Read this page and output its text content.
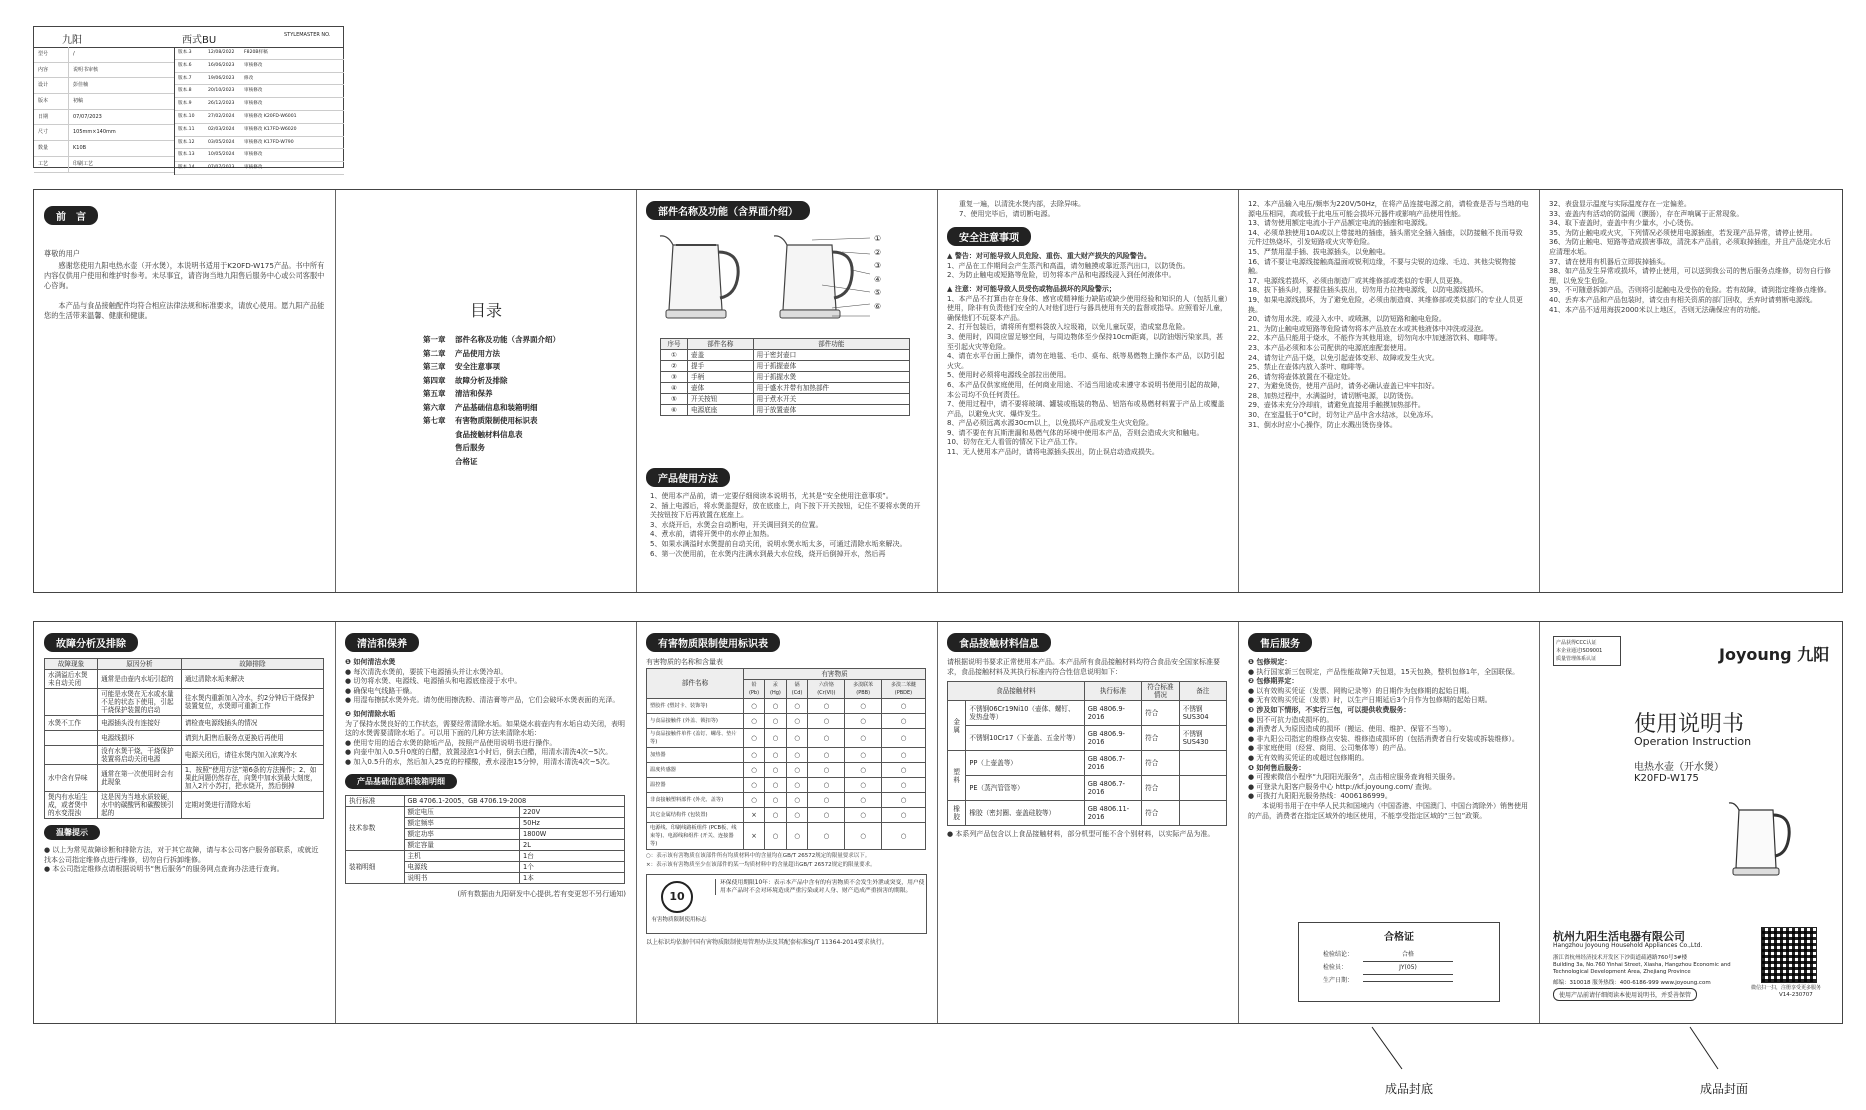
九阳	西式BU	STYLEMASTER NO.
型号	/
内容	说明书审核
设计	彭佳楠
版本	初稿
日期	07/07/2023
尺寸	105mm×140mm
数量	K10B
工艺	印刷工艺
版本.3	12/08/2022	F820B样稿
版本.6	16/06/2023	审核修改
版本.7	19/06/2023	修改
版本.8	20/10/2023	审核修改
版本.9	26/12/2023	审核修改
版本.10	27/02/2024	审核修改 K20FD-W6001
版本.11	02/03/2024	审核修改 K17FD-W6020
版本.12	03/05/2024	审核修改 K17FD-W790
版本.13	10/05/2024	审核修改
版本.14	07/07/2023	审核修改
前　言

尊敬的用户

感谢您使用九阳电热水壶（开水煲），本说明书适用于K20FD-W175产品。书中所有内容仅供用户使用和维护时参考。未尽事宜，请咨询当地九阳售后服务中心或公司客服中心咨询。

本产品与食品接触配件均符合相应法律法规和标准要求，请放心使用。愿九阳产品能您的生活带来温馨、健康和健康。	目录
第一章 部件名称及功能（含界面介绍）
第二章 产品使用方法
第三章 安全注意事项
第四章 故障分析及排除
第五章 清洁和保养
第六章 产品基础信息和装箱明细
第七章 有害物质限制使用标识表
食品接触材料信息表
售后服务
合格证
部件名称及功能（含界面介绍）
①
②
③
④
⑤
⑥
序号	部件名称	部件功能
①	壶盖	用于密封壶口
②	提手	用于抓握壶体
③	手柄	用于抓握水煲
④	壶体	用于盛水并带有加热部件
⑤	开关按钮	用于煮水开关
⑥	电源底座	用于放置壶体
产品使用方法

1、使用本产品前，请一定要仔细阅读本说明书，尤其是“安全使用注意事项”。

2、插上电源后，将水煲盖提好，放在底座上，向下按下开关按钮，记住不要将水煲的开关按钮按下后再放置在底座上。

3、水烧开后，水煲会自动断电，开关调回到关的位置。

4、煮水前，请将开煲中的水停止加热。

5、如果水满溢时水煲提前自动关闭，说明水煲水垢太多，可通过清除水垢来解决。

6、第一次使用前，在水煲内注满水到最大水位线，烧开后倒掉开水，然后再

重复一遍，以清洗水煲内部，去除异味。

7、使用完毕后，请切断电源。

安全注意事项

▲ 警告：对可能导致人员危险、重伤、重大财产损失的风险警告。

1、产品在工作期间会产生蒸汽和高温，请勿触摸或靠近蒸汽出口，以防烫伤。

2、为防止触电或短路等危险，切勿将本产品和电源线浸入到任何液体中。

▲ 注意：对可能导致人员受伤或物品损坏的风险警示；

1、本产品不打算由存在身体、感官或精神能力缺陷或缺少使用经验和知识的人（包括儿童）使用，除非有负责他们安全的人对他们进行与器具使用有关的监督或指导。应照看好儿童，确保他们不玩耍本产品。

2、打开包装后，请将所有塑料袋放入垃圾箱，以免儿童玩耍，造成窒息危险。

3、使用时，四周应留足够空间，与周边物体至少保持10cm距离，以防油烟污染家具，甚至引起火灾等危险。

4、请在水平台面上操作，请勿在地毯、毛巾、桌布、纸等易燃物上操作本产品，以防引起火灾。

5、使用时必须将电源线全部拉出使用。

6、本产品仅供家庭使用，任何商业用途、不适当用途或未遵守本说明书使用引起的故障，本公司均不负任何责任。

7、使用过程中，请不要将玻璃、罐装或瓶装的物品、铝箔布或易燃材料置于产品上或覆盖产品，以避免火灾、爆炸发生。

8、产品必须远离水源30cm以上，以免损坏产品或发生火灾危险。

9、请不要在有瓦斯泄漏和易燃气体的环境中使用本产品，否则会造成火灾和触电。

10、切勿在无人看管的情况下让产品工作。

11、无人使用本产品时，请将电源插头拔出，防止误启动造成损失。

12、本产品输入电压/频率为220V/50Hz，在将产品连接电源之前，请检查是否与当地的电源电压相同，高或低于此电压可能会损坏元器件或影响产品使用性能。

13、请勿使用额定电流小于产品额定电流的插座和电源线。

14、必须单独使用10A或以上带接地的插座，插头需完全插入插座，以防接触不良而导致元件过热烧坏，引发短路或火灾等危险。

15、严禁用湿手插、拔电源插头，以免触电。

16、请不要让电源线接触高温面或锐利边缘，不要与尖锐的边缘、毛边、其他尖锐物接触。

17、电源线若损坏，必须由制造厂或其维修部或类似的专职人员更换。

18、拔下插头时，要握住插头拔出，切勿用力拉拽电源线，以防电源线损坏。

19、如果电源线损坏，为了避免危险，必须由制造商、其维修部或类似部门的专业人员更换。

20、请勿用水洗、或浸入水中、或喷淋，以防短路和触电危险。

21、为防止触电或短路等危险请勿将本产品放在水或其他液体中冲洗或浸泡。

22、本产品只能用于烧水，不能作为其他用途，切勿向水中加速溶饮料、咖啡等。

23、本产品必须和本公司配供的电源底座配套使用。

24、请勿让产品干烧，以免引起壶体变形、故障或发生火灾。

25、禁止在壶体内放入茶叶、咖啡等。

26、请勿将壶体放置在不稳定处。

27、为避免烫伤，使用产品时，请务必确认壶盖已牢牢扣好。

28、加热过程中，水满溢时，请切断电源，以防烫伤。

29、壶体未充分冷却前，请避免直接用手触摸加热部件。

30、在室温低于0°C时，切勿让产品中含水结冰，以免冻坏。

31、倒水时应小心操作，防止水溅出烫伤身体。

32、表盘显示温度与实际温度存在一定偏差。

33、壶盖内有活动的防溢阀（膜肠），存在声响属于正常现象。

34、取下壶盖时，壶盖中有少量水，小心烫伤。

35、为防止触电或火灾，下列情况必须使用电源插座，若发现产品异常，请停止使用。

36、为防止触电、短路等造成损害事故，清洗本产品前，必须取掉插座，并且产品烧完水后应清理水垢。

37、请在使用有机器后立即拔掉插头。

38、如产品发生异常或损坏，请停止使用，可以送到我公司的售后服务点维修，切勿自行修理，以免发生危险。

39、不可随意拆卸产品，否则将引起触电及受伤的危险。若有故障，请到指定维修点维修。

40、丢弃本产品和产品包装时，请交由有相关资质的部门回收，丢弃时请剪断电源线。

41、本产品不适用海拔2000米以上地区，否则无法确保应有的功能。

故障分析及排除
故障现象	原因分析	故障排除
水满溢后水煲未自动关闭	通常是由壶内水垢引起的	通过清除水垢来解决
	可能是水煲在无水或水量不足的状态下使用，引起干烧保护装置的启动	往水煲内重新加入冷水，约2分钟后干烧保护装置复位，水煲即可重新工作
水煲不工作	电源插头没有连接好	请检查电源线插头的情况
	电源线损坏	请到九阳售后服务点更换后再使用
	没有水煲干烧，干烧保护装置将启动关闭电源	电源关闭后，请往水煲内加入凉爽冷水
水中含有异味	通常在第一次使用时会有此现象	1、按照“使用方法”第6条的方法操作；2、如果此问题仍然存在，向煲中加水到最大刻度，加入2片小苏打，把水烧开，然后倒掉
煲内有水垢生成，或者煲中的水变混浊	这是因为当地水质较硬，水中的碳酸钙和碳酸镁引起的	定期对煲进行清除水垢
温馨提示

● 以上为常见故障诊断和排除方法，对于其它故障，请与本公司客户服务部联系，或就近找本公司指定维修点进行维修，切勿自行拆卸维修。

● 本公司指定维修点请根据说明书“售后服务”的服务网点查询办法进行查询。

清洁和保养

❶ 如何清洁水煲

● 每次清洗水煲前，要拔下电源插头并让水煲冷却。

● 切勿将水煲、电源线、电源插头和电源底座浸于水中。

● 确保电气线路干燥。

● 用湿布擦拭水煲外壳。请勿使用擦洗粉、清洁膏等产品，它们会破坏水煲表面的光泽。

❷ 如何清除水垢

为了保持水煲良好的工作状态，需要经常清除水垢。如果烧水前壶内有水垢自动关闭，表明这的水煲需要清除水垢了。可以用下面的几种方法来清除水垢：

● 使用专用的适合水煲的除垢产品，按照产品使用说明书进行操作。

● 向壶中加入0.5升0度的白醋，放置浸泡1小时后，倒去白醋，用清水清洗4次~5次。

● 加入0.5升的水，然后加入25克的柠檬酸，煮水浸泡15分钟，用清水清洗4次~5次。

产品基础信息和装箱明细
执行标准	GB 4706.1-2005、GB 4706.19-2008	
技术参数	额定电压	220V
	额定频率	50Hz
	额定功率	1800W
	额定容量	2L
装箱明细	主机	1台
	电源线	1个
	说明书	1本

(所有数据由九阳研发中心提供,若有变更恕不另行通知)

有害物质限制使用标识表

有害物质的名称和含量表

部件名称	有害物质					
	铅(Pb)	汞(Hg)	镉(Cd)	六价铬(Cr(VI))	多溴联苯(PBB)	多溴二苯醚(PBDE)
塑胶件 (塑封卡、装饰等)	○	○	○	○	○	○
与食品接触件 (外盖、锁扣等)	○	○	○	○	○	○
与食品接触件单件 (盖钉、螺母、垫片等)	○	○	○	○	○	○
加热器	○	○	○	○	○	○
温度传感器	○	○	○	○	○	○
温控器	○	○	○	○	○	○
非食接触塑料部件 (外壳、盖等)	○	○	○	○	○	○
其它金属结构件 (包装置)	×	○	○	○	○	○
电源线、印刷线路板组件 (PCB板、线束等)、电源线和组件 (开关、连接器等)	×	○	○	○	○	○

○：表示该有害物质在该部件所有均质材料中的含量均在GB/T 26572规定的限量要求以下。

×：表示该有害物质至少在该部件的某一均质材料中的含量超出GB/T 26572规定的限量要求。

10
有害物质限制使用标志
环保使用期限10年：表示本产品中含有的有害物质不会发生外泄或突变，用户使用本产品时不会对环境造成严重污染或对人身、财产造成严重损害的期限。

以上标识均依据中国有害物质限制使用管理办法及其配套标准SJ/T 11364-2014要求执行。

食品接触材料信息

请根据说明书要求正常使用本产品。本产品所有食品接触材料均符合食品安全国家标准要求，食品接触材料及其执行标准内符合性信息说明如下：

食品接触材料		执行标准	符合标准情况	备注
金属	不锈钢06Cr19Ni10（壶体、螺钉、发热盘等）	GB 4806.9-2016	符合	不锈钢SUS304
	不锈钢10Cr17（下壶盖、五金片等）	GB 4806.9-2016	符合	不锈钢SUS430
塑料	PP（上壶盖等）	GB 4806.7-2016	符合	
	PE（蒸汽管管等）	GB 4806.7-2016	符合	
橡胶	橡胶（密封圈、壶盖硅胶等）	GB 4806.11-2016	符合	

● 本系列产品包含以上食品接触材料，部分机型可能不含个别材料，以实际产品为准。

售后服务

❶ 包修规定：

● 执行国家新三包规定，产品性能故障7天包退，15天包换，整机包修1年，全国联保。

❷ 包修期界定：

● 以有效购买凭证（发票、网购记录等）的日期作为包修期的起始日期。

● 无有效购买凭证（发票）时，以生产日期延后3个月作为包修期的起始日期。

❸ 涉及如下情形，不实行三包，可以提供收费服务：

● 因不可抗力造成损坏的。

● 消费者人为原因造成的损坏（搬运、使用、维护、保管不当等）。

● 非九阳公司指定的维修点安装、维修造成损坏的（包括消费者自行安装或拆装维修）。

● 非家庭使用（经营、商用、公司集体等）的产品。

● 无有效购买凭证的或超过包修期的。

❹ 如何售后服务：

● 可搜索微信小程序“九阳阳光服务”，点击相应服务查询相关服务。

● 可登录九阳客户服务中心 http://kf.joyoung.com/ 查询。

● 可拨打九阳阳光服务热线：4006186999。

本说明书用于在中华人民共和国境内（中国香港、中国澳门、中国台湾除外）销售使用的产品，消费者在指定区域外的地区使用，不能享受指定区域的“三包”政策。

合格证
检验结论：	合格
检验员：	JY(05)
生产日期：
产品获得CCC认证
本企业通过ISO9001
质量管理体系认证	Joyoung 九阳
使用说明书
Operation Instruction
电热水壶（开水煲）
K20FD-W175
杭州九阳生活电器有限公司
Hangzhou Joyoung Household Appliances Co.,Ltd.
浙江省杭州经济技术开发区下沙街道疏港路760号3#楼
Building 3a, No.760 Yinhai Street, Xiasha, Hangzhou Economic and Technological Development Area, Zhejiang Province
邮编：310018 服务热线：400-6186-999 www.joyoung.com
使用产品前请仔细阅读本使用说明书，并妥善保管
微信扫一扫，注册享受更多服务
V14-230707
成品封底	成品封面
